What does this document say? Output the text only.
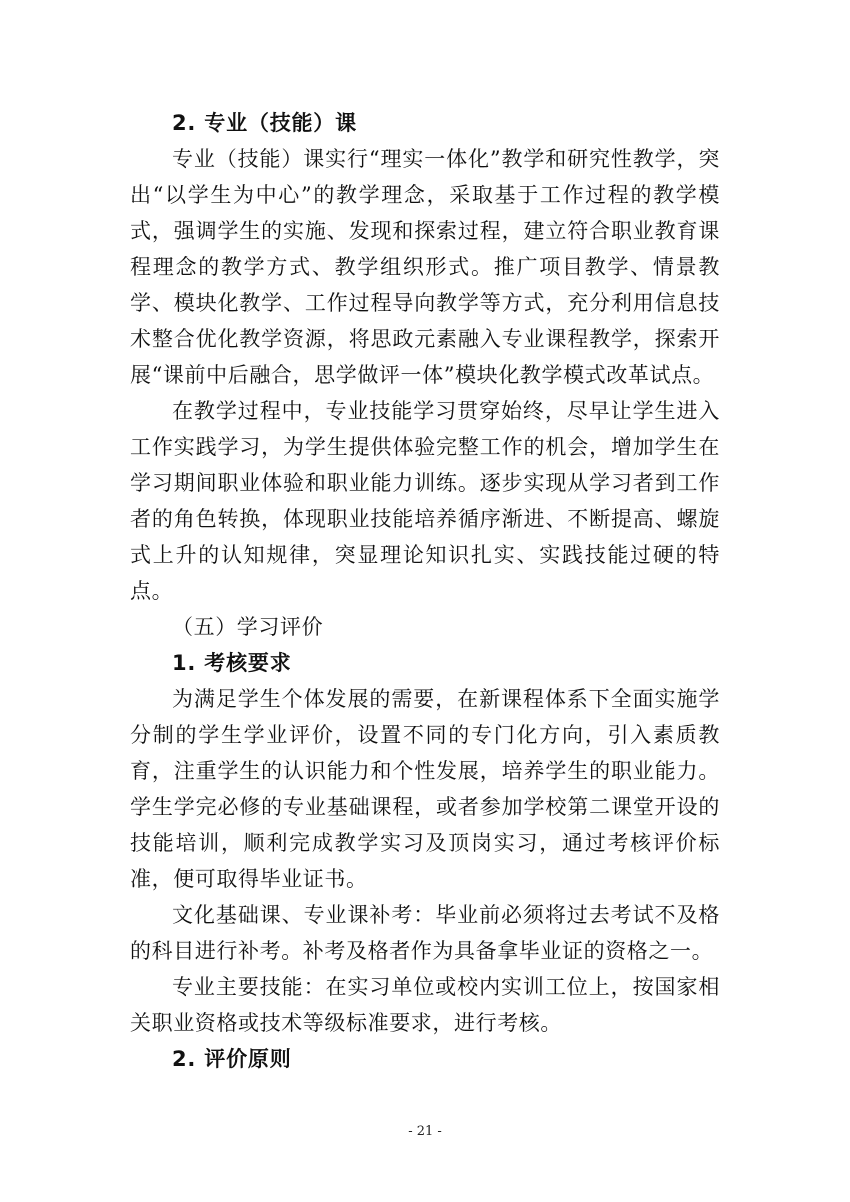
2. 专业（技能）课

专业（技能）课实行“理实一体化”教学和研究性教学，突出“以学生为中心”的教学理念，采取基于工作过程的教学模式，强调学生的实施、发现和探索过程，建立符合职业教育课程理念的教学方式、教学组织形式。推广项目教学、情景教学、模块化教学、工作过程导向教学等方式，充分利用信息技术整合优化教学资源，将思政元素融入专业课程教学，探索开展“课前中后融合，思学做评一体”模块化教学模式改革试点。

在教学过程中，专业技能学习贯穿始终，尽早让学生进入工作实践学习，为学生提供体验完整工作的机会，增加学生在学习期间职业体验和职业能力训练。逐步实现从学习者到工作者的角色转换，体现职业技能培养循序渐进、不断提高、螺旋式上升的认知规律，突显理论知识扎实、实践技能过硬的特点。

（五）学习评价

1. 考核要求

为满足学生个体发展的需要，在新课程体系下全面实施学分制的学生学业评价，设置不同的专门化方向，引入素质教育，注重学生的认识能力和个性发展，培养学生的职业能力。学生学完必修的专业基础课程，或者参加学校第二课堂开设的技能培训，顺利完成教学实习及顶岗实习，通过考核评价标准，便可取得毕业证书。

文化基础课、专业课补考：毕业前必须将过去考试不及格的科目进行补考。补考及格者作为具备拿毕业证的资格之一。

专业主要技能：在实习单位或校内实训工位上，按国家相关职业资格或技术等级标准要求，进行考核。

2. 评价原则

- 21 -
